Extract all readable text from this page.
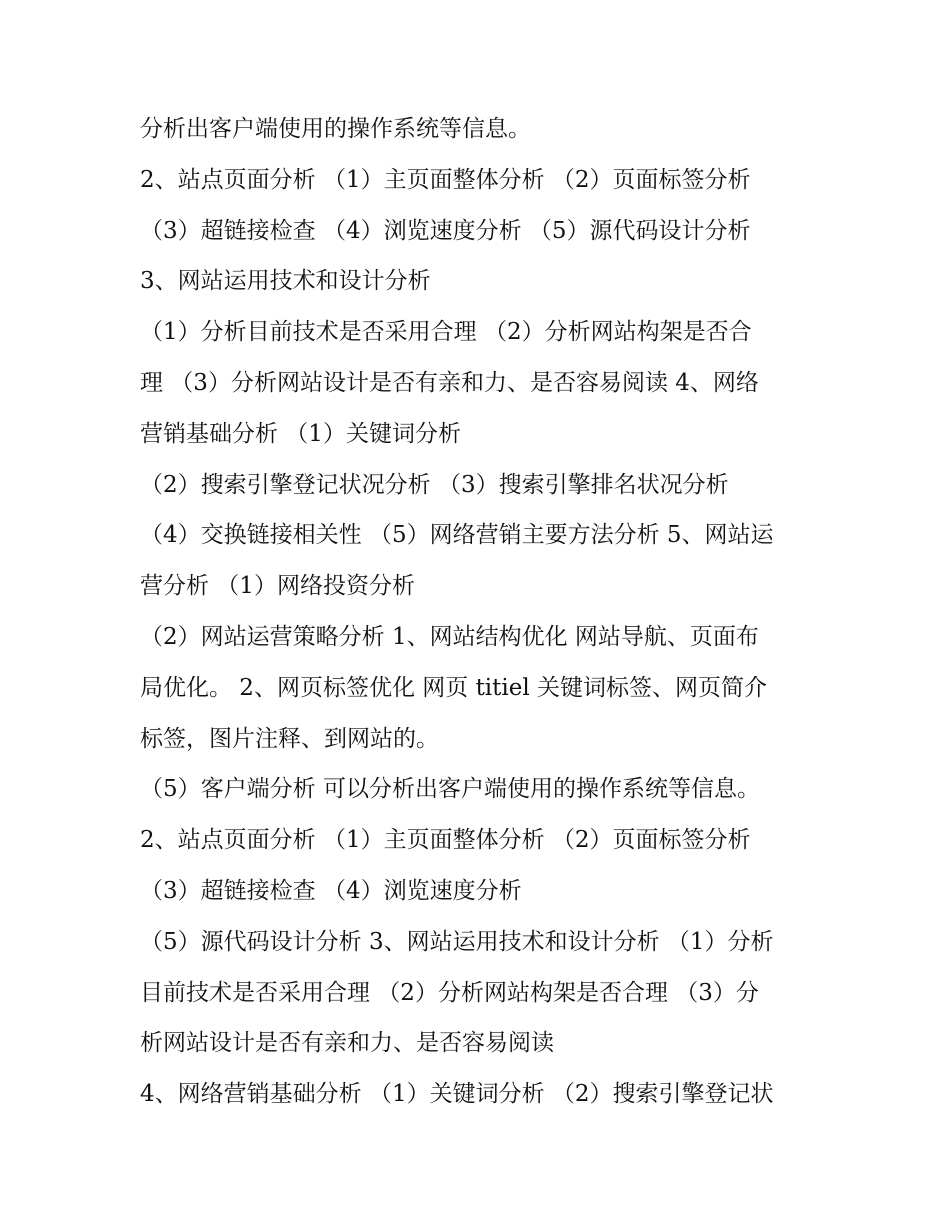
分析出客户端使用的操作系统等信息。
2、站点页面分析 （1）主页面整体分析 （2）页面标签分析
（3）超链接检查 （4）浏览速度分析 （5）源代码设计分析
3、网站运用技术和设计分析
（1）分析目前技术是否采用合理 （2）分析网站构架是否合
理 （3）分析网站设计是否有亲和力、是否容易阅读 4、网络
营销基础分析 （1）关键词分析
（2）搜索引擎登记状况分析 （3）搜索引擎排名状况分析
（4）交换链接相关性 （5）网络营销主要方法分析 5、网站运
营分析 （1）网络投资分析
（2）网站运营策略分析 1、网站结构优化 网站导航、页面布
局优化。 2、网页标签优化 网页 titiel 关键词标签、网页简介
标签，图片注释、到网站的。
（5）客户端分析 可以分析出客户端使用的操作系统等信息。
2、站点页面分析 （1）主页面整体分析 （2）页面标签分析
（3）超链接检查 （4）浏览速度分析
（5）源代码设计分析 3、网站运用技术和设计分析 （1）分析
目前技术是否采用合理 （2）分析网站构架是否合理 （3）分
析网站设计是否有亲和力、是否容易阅读
4、网络营销基础分析 （1）关键词分析 （2）搜索引擎登记状
